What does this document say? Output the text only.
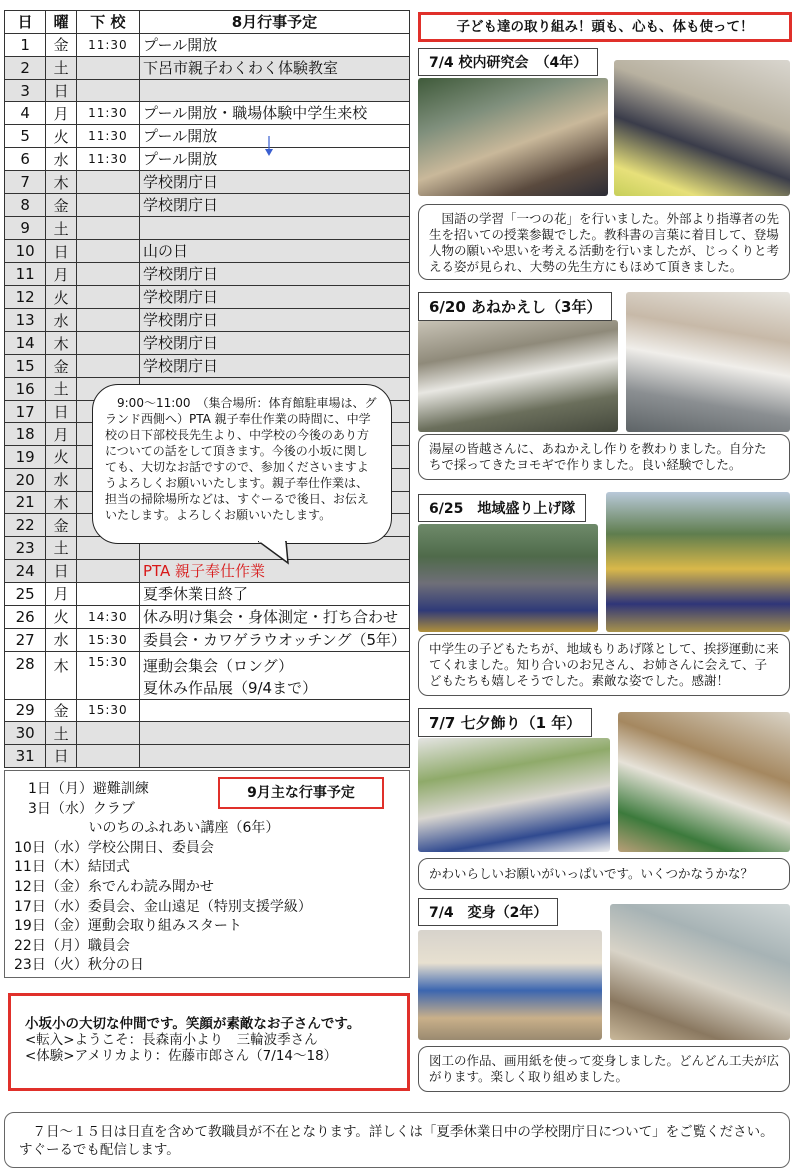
日	曜	下 校	8月行事予定
1	金	11:30	プール開放

2	土		下呂市親子わくわく体験教室

3	日		

4	月	11:30	プール開放・職場体験中学生来校

5	火	11:30	プール開放

6	水	11:30	プール開放

7	木		学校閉庁日

8	金		学校閉庁日

9	土		

10	日		山の日

11	月		学校閉庁日

12	火		学校閉庁日

13	水		学校閉庁日

14	木		学校閉庁日

15	金		学校閉庁日

16	土		

17	日		

18	月		

19	火		

20	水		

21	木		

22	金		

23	土		

24	日		PTA 親子奉仕作業

25	月		夏季休業日終了

26	火	14:30	休み明け集会・身体測定・打ち合わせ

27	水	15:30	委員会・カワゲラウオッチング（5年）

28	木	15:30	運動会集会（ロング）
夏休み作品展（9/4まで）

29	金	15:30	

30	土		

31	日		
　9:00～11:00　（集合場所：体育館駐車場は、グランド西側へ）PTA 親子奉仕作業の時間に、中学校の日下部校長先生より、中学校の今後のあり方についての話をして頂きます。今後の小坂に関しても、大切なお話ですので、参加くださいますようよろしくお願いいたします。親子奉仕作業は、担当の掃除場所などは、すぐーるで後日、お伝えいたします。よろしくお願いいたします。
　1日（月）避難訓練
　3日（水）クラブ
　　　　　 いのちのふれあい講座（6年）
10日（水）学校公開日、委員会
11日（木）結団式
12日（金）糸でんわ読み聞かせ
17日（水）委員会、金山遠足（特別支援学級）
19日（金）運動会取り組みスタート
22日（月）職員会
23日（火）秋分の日
9月主な行事予定
小坂小の大切な仲間です。笑顔が素敵なお子さんです。
<転入>ようこそ：長森南小より　三輪波季さん
<体験>アメリカより：佐藤市郎さん（7/14～18）
　７日～１５日は日直を含めて教職員が不在となります。詳しくは「夏季休業日中の学校閉庁日について」をご覧ください。すぐーるでも配信します。
子ども達の取り組み！頭も、心も、体も使って！
7/4 校内研究会　（4年）
　国語の学習「一つの花」を行いました。外部より指導者の先生を招いての授業参観でした。教科書の言葉に着目して、登場人物の願いや思いを考える活動を行いましたが、じっくりと考える姿が見られ、大勢の先生方にもほめて頂きました。
6/20 あねかえし（3年）
湯屋の皆越さんに、あねかえし作りを教わりました。自分たちで採ってきたヨモギで作りました。良い経験でした。
6/25　地域盛り上げ隊
中学生の子どもたちが、地域もりあげ隊として、挨拶運動に来てくれました。知り合いのお兄さん、お姉さんに会えて、子どもたちも嬉しそうでした。素敵な姿でした。感謝！
7/7 七夕飾り（1 年）
かわいらしいお願いがいっぱいです。いくつかなうかな？
7/4　変身（2年）
図工の作品、画用紙を使って変身しました。どんどん工夫が広がります。楽しく取り組めました。
